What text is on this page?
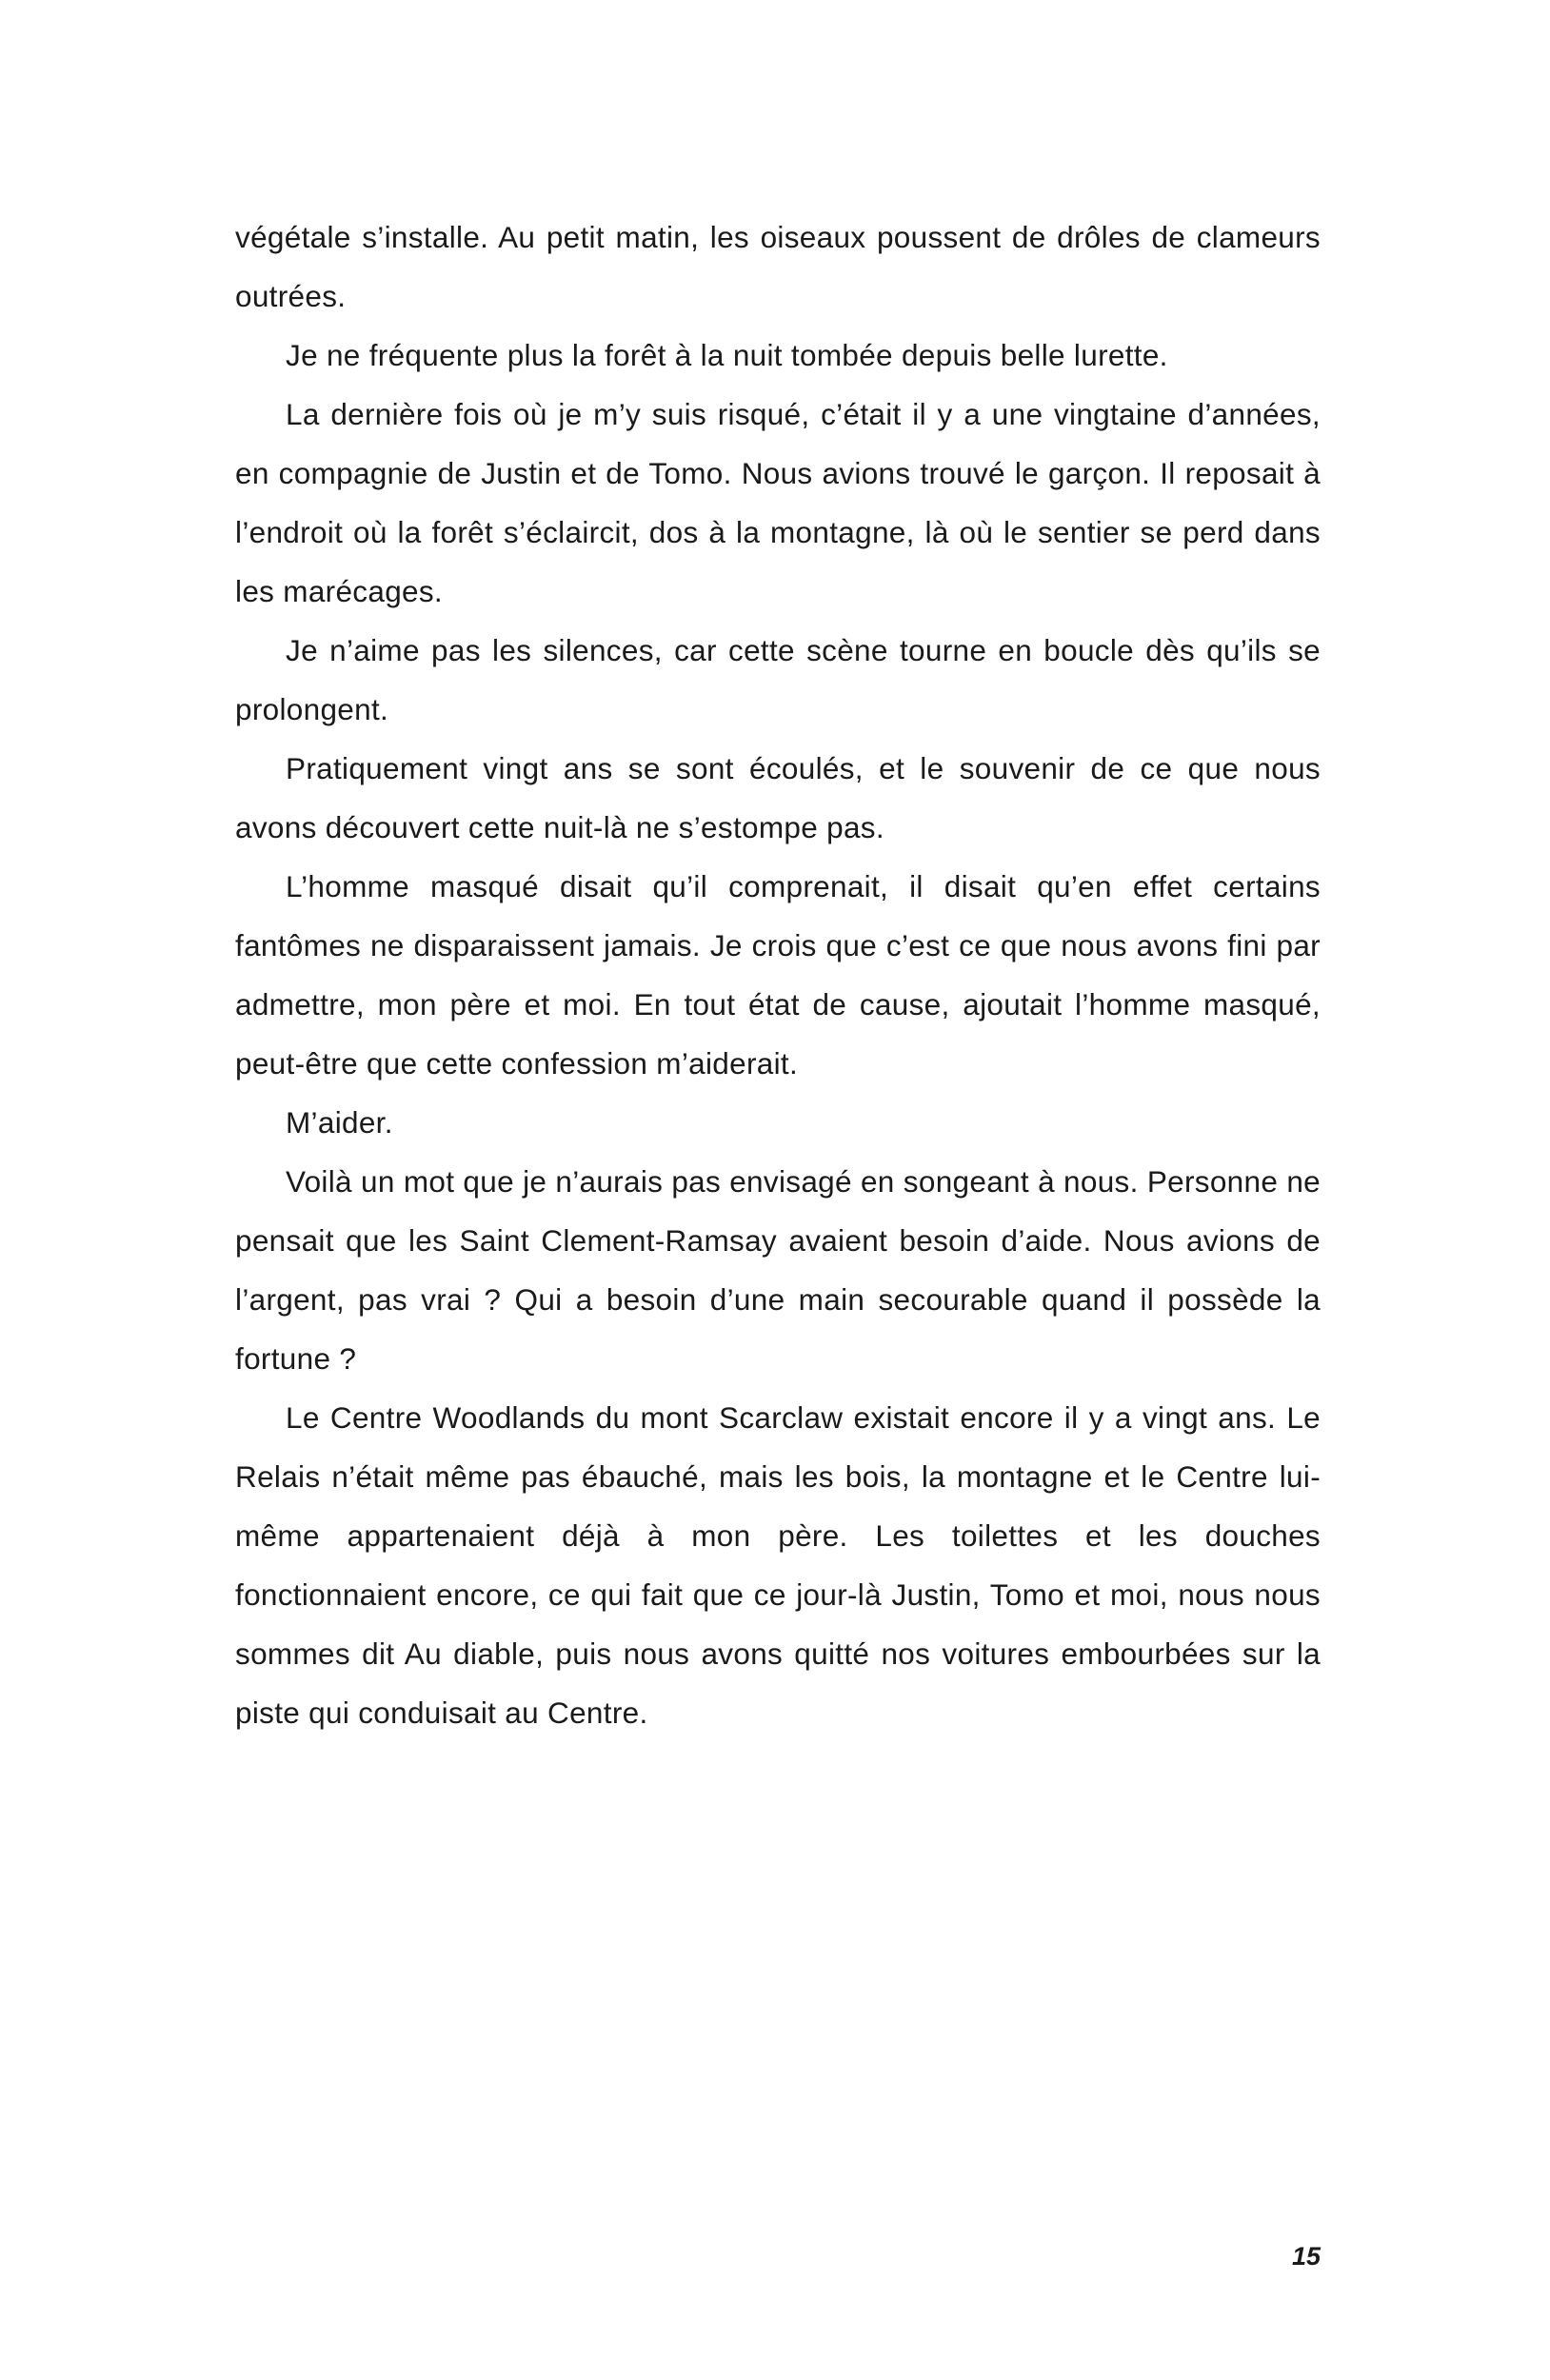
végétale s’installe. Au petit matin, les oiseaux poussent de drôles de clameurs outrées.

Je ne fréquente plus la forêt à la nuit tombée depuis belle lurette.

La dernière fois où je m’y suis risqué, c’était il y a une vingtaine d’années, en compagnie de Justin et de Tomo. Nous avions trouvé le garçon. Il reposait à l’endroit où la forêt s’éclaircit, dos à la montagne, là où le sentier se perd dans les marécages.

Je n’aime pas les silences, car cette scène tourne en boucle dès qu’ils se prolongent.

Pratiquement vingt ans se sont écoulés, et le souvenir de ce que nous avons découvert cette nuit-là ne s’estompe pas.

L’homme masqué disait qu’il comprenait, il disait qu’en effet certains fantômes ne disparaissent jamais. Je crois que c’est ce que nous avons fini par admettre, mon père et moi. En tout état de cause, ajoutait l’homme masqué, peut-être que cette confession m’aiderait.

M’aider.

Voilà un mot que je n’aurais pas envisagé en songeant à nous. Personne ne pensait que les Saint Clement-Ramsay avaient besoin d’aide. Nous avions de l’argent, pas vrai ? Qui a besoin d’une main secourable quand il possède la fortune ?

Le Centre Woodlands du mont Scarclaw existait encore il y a vingt ans. Le Relais n’était même pas ébauché, mais les bois, la montagne et le Centre lui-même appartenaient déjà à mon père. Les toilettes et les douches fonctionnaient encore, ce qui fait que ce jour-là Justin, Tomo et moi, nous nous sommes dit Au diable, puis nous avons quitté nos voitures embourbées sur la piste qui conduisait au Centre.

15
